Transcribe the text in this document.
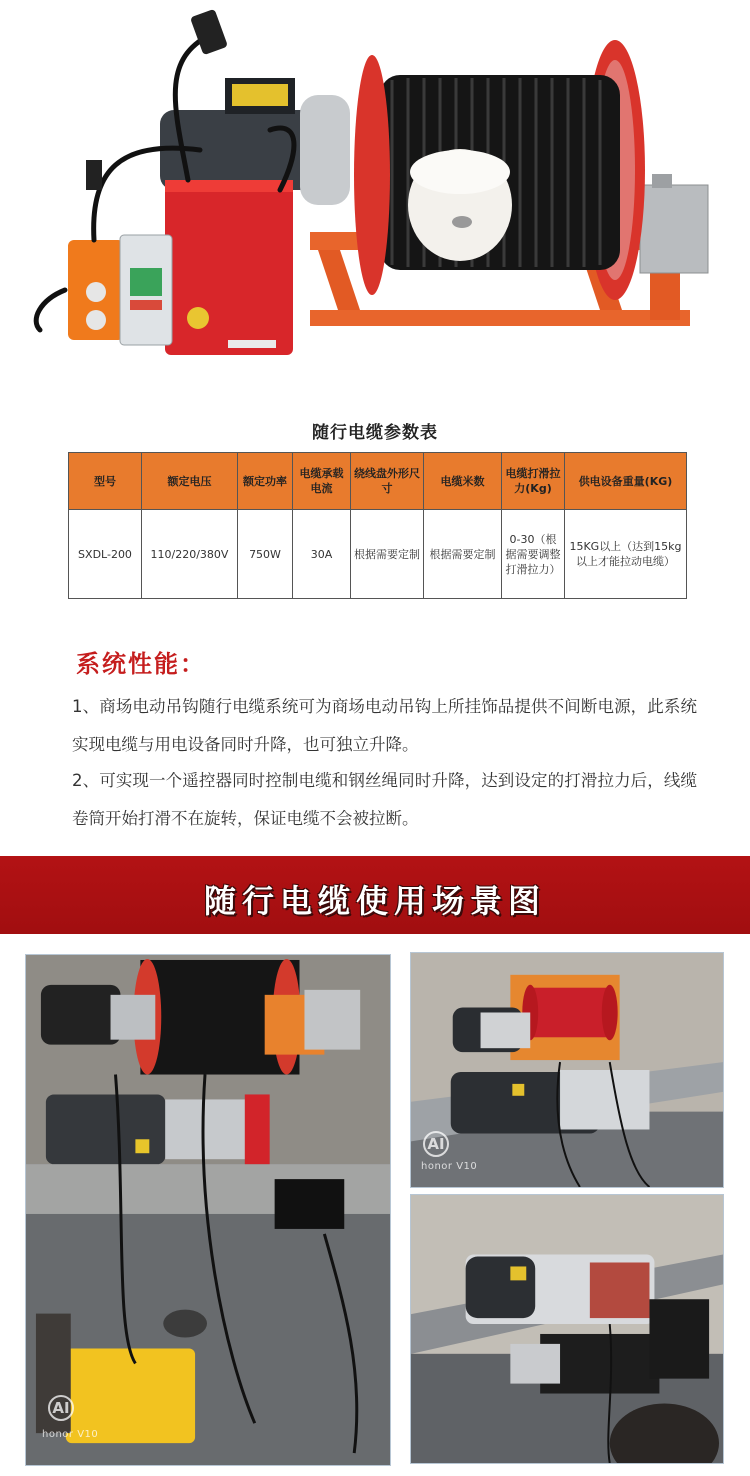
随行电缆参数表
型号	额定电压	额定功率	电缆承载电流	绕线盘外形尺寸	电缆米数	电缆打滑拉力(Kg)	供电设备重量(KG)
SXDL-200	110/220/380V	750W	30A	根据需要定制	根据需要定制	0-30（根据需要调整打滑拉力）	15KG以上（达到15kg以上才能拉动电缆）
系统性能：

1、商场电动吊钩随行电缆系统可为商场电动吊钩上所挂饰品提供不间断电源，此系统实现电缆与用电设备同时升降，也可独立升降。

2、可实现一个遥控器同时控制电缆和钢丝绳同时升降，达到设定的打滑拉力后，线缆卷筒开始打滑不在旋转，保证电缆不会被拉断。

随行电缆使用场景图
AI
honor V10
AI
honor V10
